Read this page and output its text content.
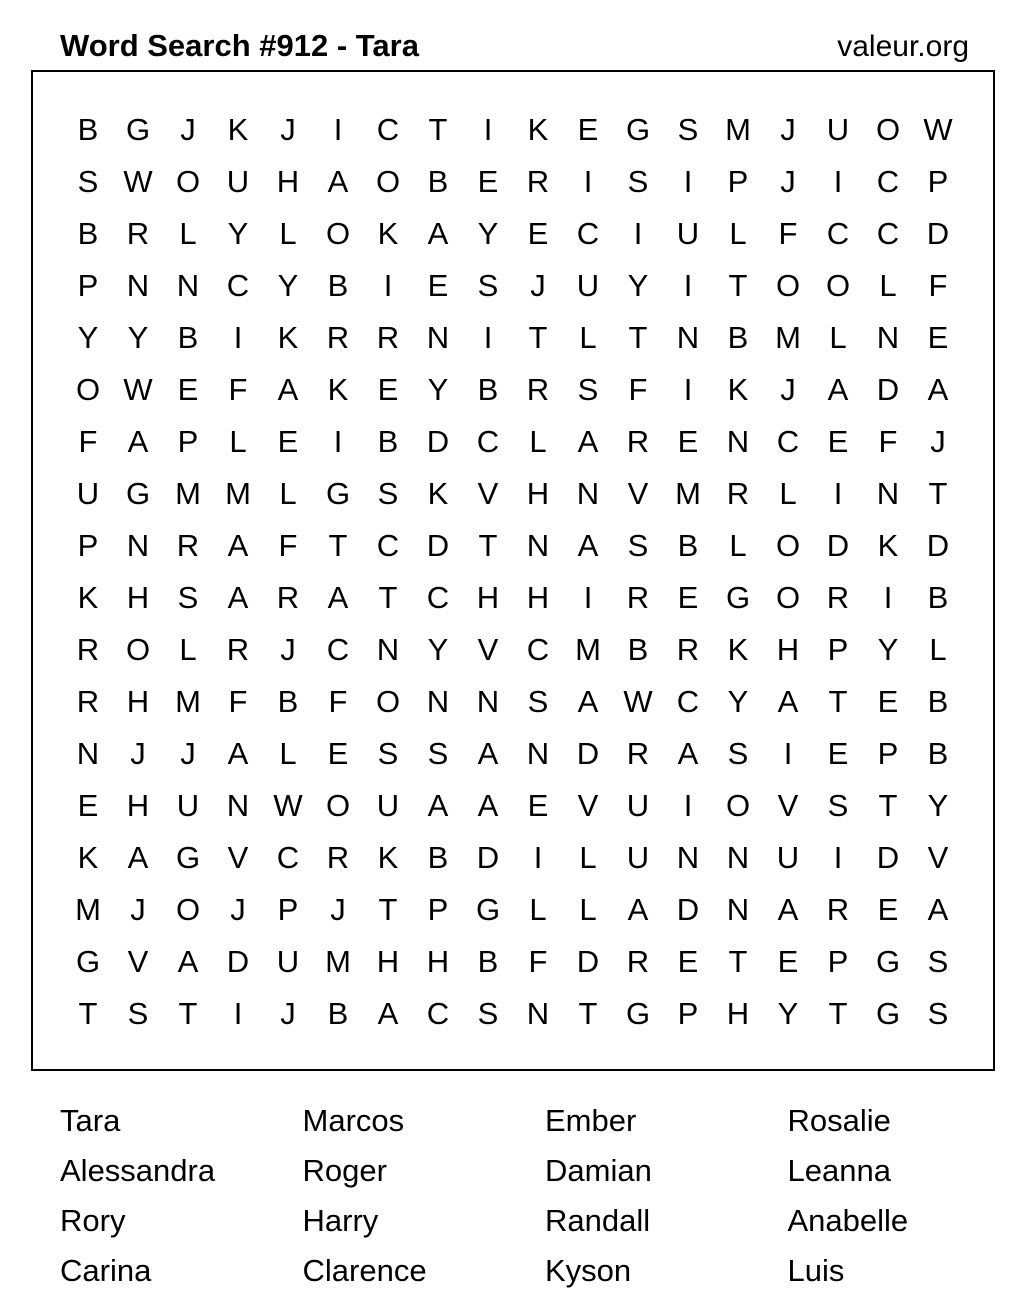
Word Search #912 - Tara	valeur.org
B G J	K	J	I	C T	I	K E G S M J	U O W
S W O U H A O B E R	I	S	I	P	J	I	C P
B R L	Y	L O K A Y E C	I	U L	F C C D
P N N C Y B	I	E S	J	U Y	I	T O O L	F
Y Y B	I	K R R N	I	T	L	T N B M L N E
O W E F A K E Y B R S F	I	K	J	A D A
F A P	L	E	I	B D C L	A R E N C E F	J
U G M M L G S K V H N V M R L	I	N T
P N R A F	T C D T N A S B	L O D K D
K H S A R A T C H H	I	R E G O R	I	B
R O L R	J	C N Y V C M B R K H P Y	L
R H M F B F O N N S A W C Y A T E B
N	J	J	A	L	E S S A N D R A S	I	E P B
E H U N W O U A A E V U	I	O V S T Y
K A G V C R K B D	I	L U N N U	I	D V
M J O J	P	J	T P G L	L	A D N A R E A
G V A D U M H H B F D R E T E P G S
T S T	I	J	B A C S N T G P H Y T G S
Tara	Marcos	Ember	Rosalie
Alessandra	Roger	Damian	Leanna
Rory	Harry	Randall	Anabelle
Carina	Clarence	Kyson	Luis
